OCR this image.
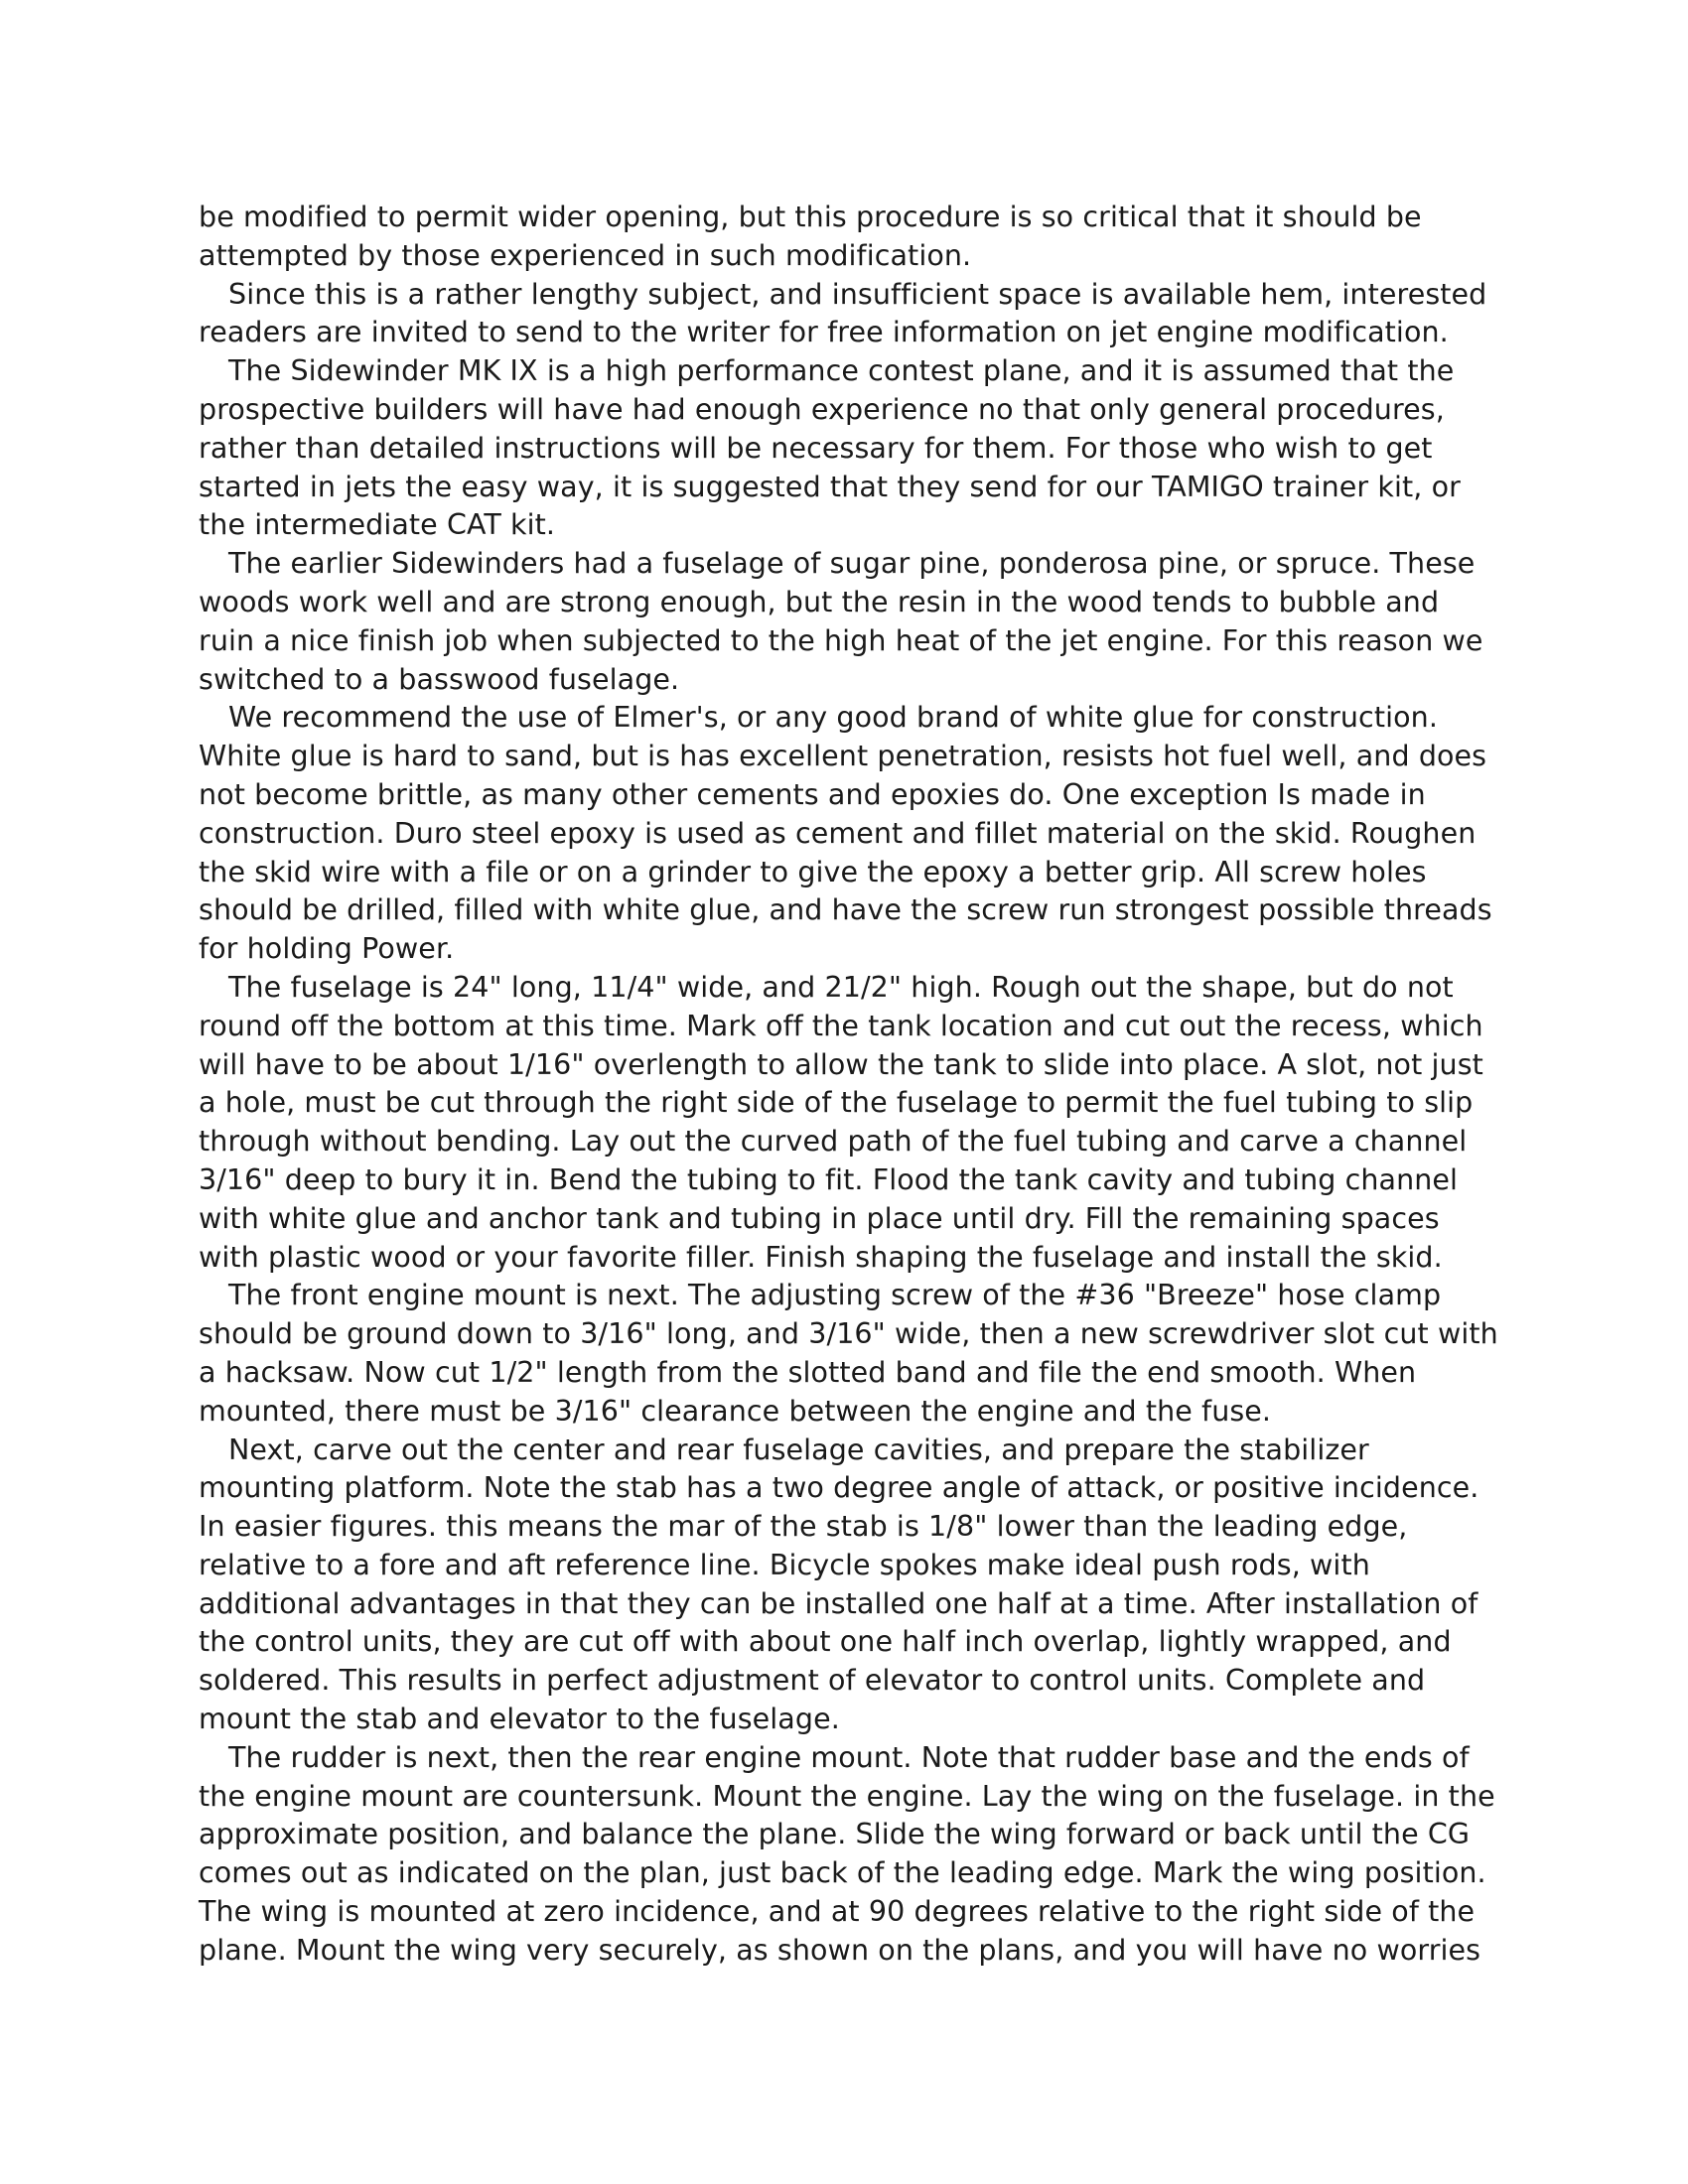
be modified to permit wider opening, but this procedure is so critical that it should be attempted by those experienced in such modification.

Since this is a rather lengthy subject, and insufficient space is available hem, interested readers are invited to send to the writer for free information on jet engine modification.

The Sidewinder MK IX is a high performance contest plane, and it is assumed that the prospective builders will have had enough experience no that only general procedures, rather than detailed instructions will be necessary for them. For those who wish to get started in jets the easy way, it is suggested that they send for our TAMIGO trainer kit, or the intermediate CAT kit.

The earlier Sidewinders had a fuselage of sugar pine, ponderosa pine, or spruce. These woods work well and are strong enough, but the resin in the wood tends to bubble and ruin a nice finish job when subjected to the high heat of the jet engine. For this reason we switched to a basswood fuselage.

We recommend the use of Elmer's, or any good brand of white glue for construction. White glue is hard to sand, but is has excellent penetration, resists hot fuel well, and does not become brittle, as many other cements and epoxies do. One exception Is made in construction. Duro steel epoxy is used as cement and fillet material on the skid. Roughen the skid wire with a file or on a grinder to give the epoxy a better grip. All screw holes should be drilled, filled with white glue, and have the screw run strongest possible threads for holding Power.

The fuselage is 24" long, 11/4" wide, and 21/2" high. Rough out the shape, but do not round off the bottom at this time. Mark off the tank location and cut out the recess, which will have to be about 1/16" overlength to allow the tank to slide into place. A slot, not just a hole, must be cut through the right side of the fuselage to permit the fuel tubing to slip through without bending. Lay out the curved path of the fuel tubing and carve a channel 3/16" deep to bury it in. Bend the tubing to fit. Flood the tank cavity and tubing channel with white glue and anchor tank and tubing in place until dry. Fill the remaining spaces with plastic wood or your favorite filler. Finish shaping the fuselage and install the skid.

The front engine mount is next. The adjusting screw of the #36 "Breeze" hose clamp should be ground down to 3/16" long, and 3/16" wide, then a new screwdriver slot cut with a hacksaw. Now cut 1/2" length from the slotted band and file the end smooth. When mounted, there must be 3/16" clearance between the engine and the fuse.

Next, carve out the center and rear fuselage cavities, and prepare the stabilizer mounting platform. Note the stab has a two degree angle of attack, or positive incidence. In easier figures. this means the mar of the stab is 1/8" lower than the leading edge, relative to a fore and aft reference line. Bicycle spokes make ideal push rods, with additional advantages in that they can be installed one half at a time. After installation of the control units, they are cut off with about one half inch overlap, lightly wrapped, and soldered. This results in perfect adjustment of elevator to control units. Complete and mount the stab and elevator to the fuselage.

The rudder is next, then the rear engine mount. Note that rudder base and the ends of the engine mount are countersunk. Mount the engine. Lay the wing on the fuselage. in the approximate position, and balance the plane. Slide the wing forward or back until the CG comes out as indicated on the plan, just back of the leading edge. Mark the wing position. The wing is mounted at zero incidence, and at 90 degrees relative to the right side of the plane. Mount the wing very securely, as shown on the plans, and you will have no worries
